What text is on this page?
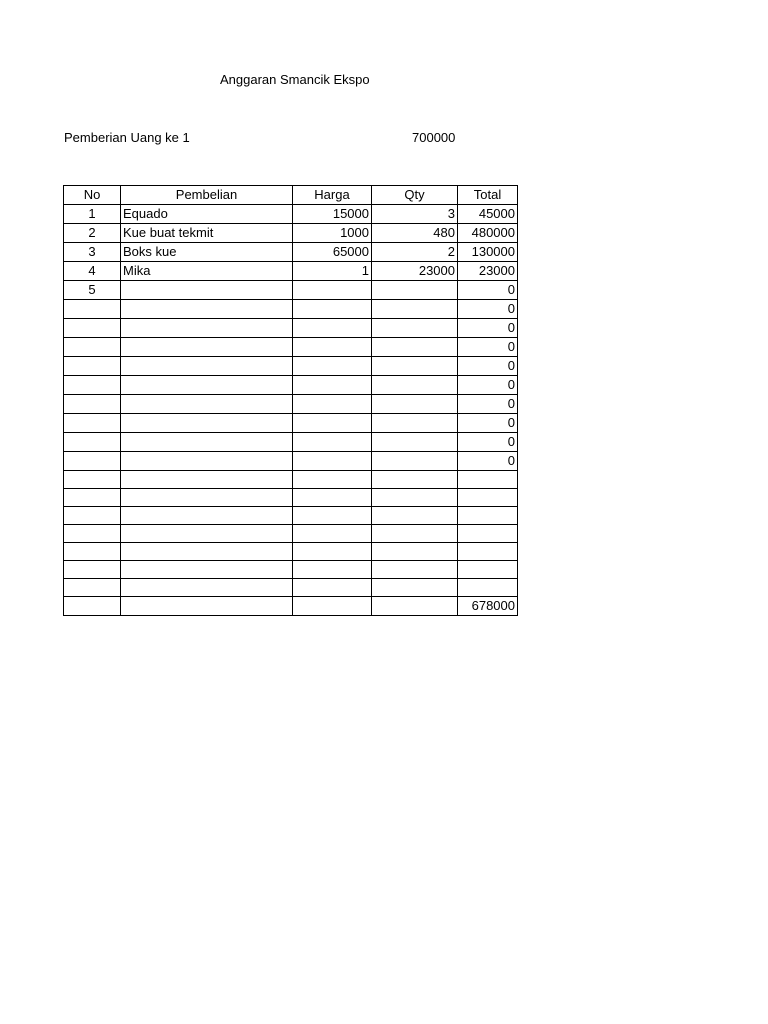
Anggaran Smancik Ekspo
Pemberian Uang ke 1	700000
No	Pembelian	Harga	Qty	Total
1	Equado	15000	3	45000
2	Kue buat tekmit	1000	480	480000
3	Boks kue	65000	2	130000
4	Mika	1	23000	23000
5				0
				0
				0
				0
				0
				0
				0
				0
				0
				0

				678000
